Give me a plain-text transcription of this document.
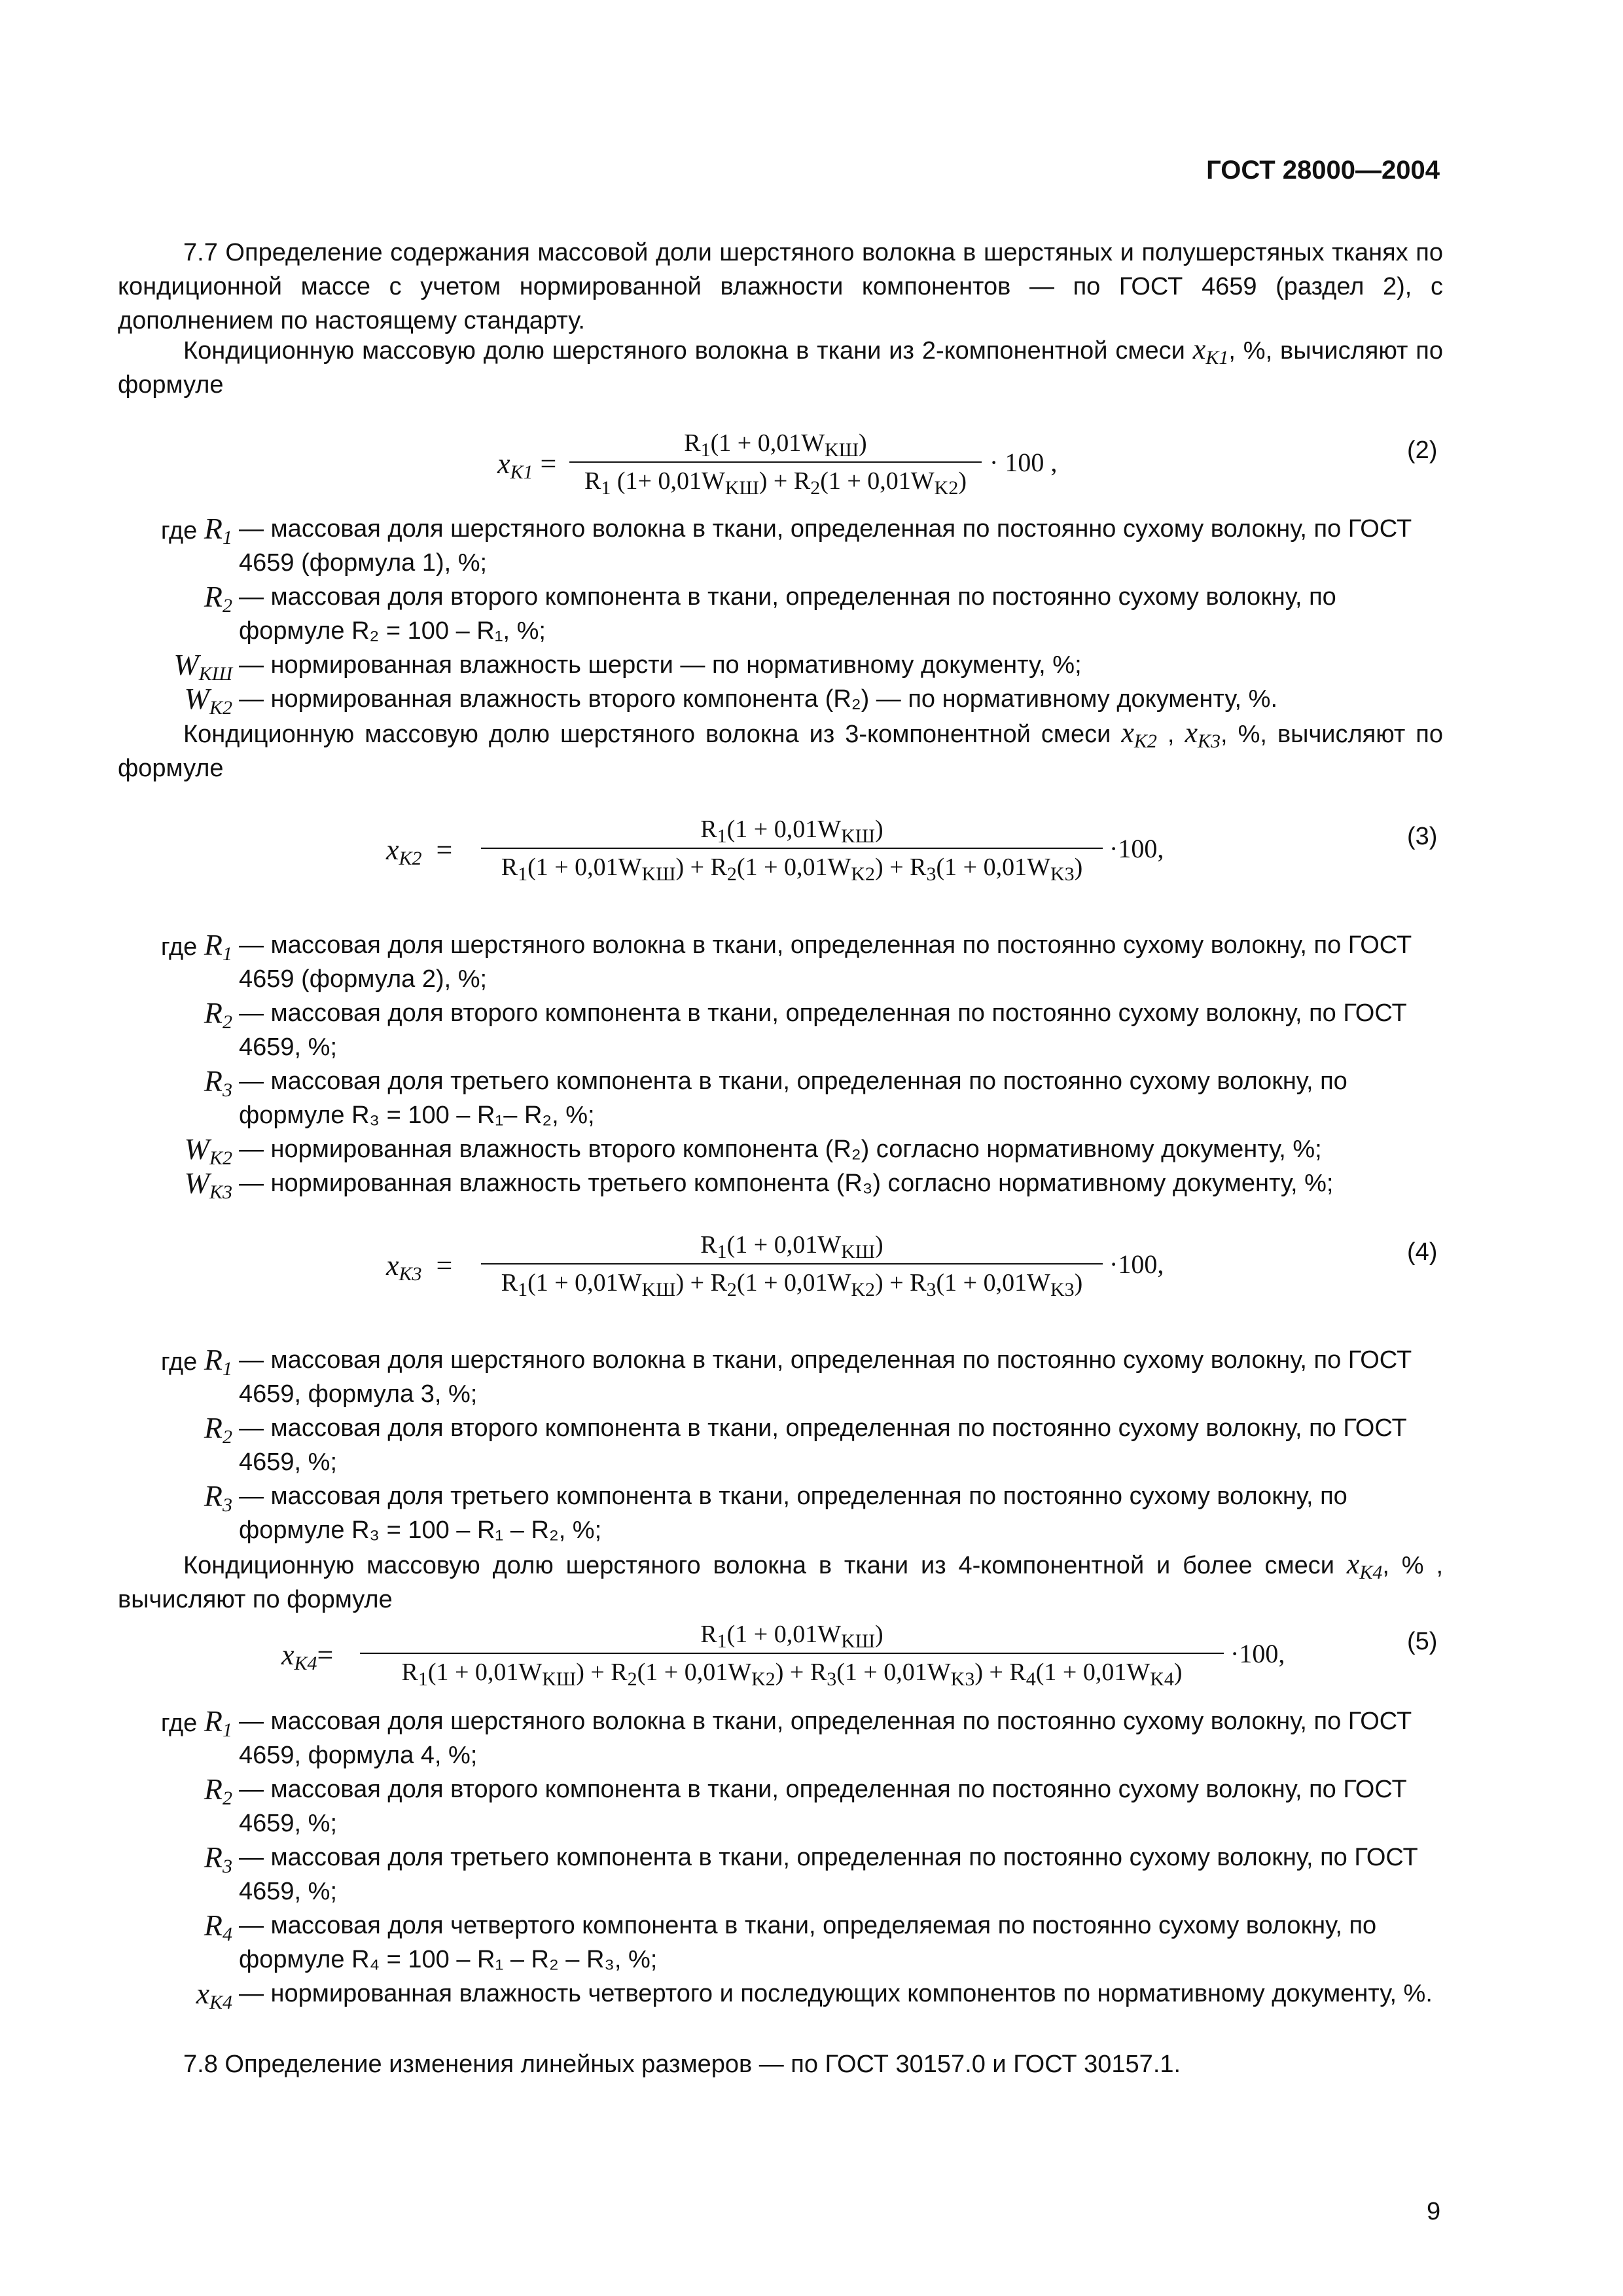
ГОСТ 28000—2004
7.7 Определение содержания массовой доли шерстяного волокна в шерстяных и полушерстяных тканях по кондиционной массе с учетом нормированной влажности компонентов — по ГОСТ 4659 (раздел 2), с дополнением по настоящему стандарту.
Кондиционную массовую долю шерстяного волокна в ткани из 2-компонентной смеси $x_{K1}$, %, вычисляют по формуле
$x_{K1}$ =
$R_1(1 + 0,01W_{KШ})$
$R_1$ $(1+ 0,01W_{KШ}) + R_2(1 + 0,01W_{K2})$
· 100 ,	(2)
где $R_1$ — массовая доля шерстяного волокна в ткани, определенная по постоянно сухому волокну, по ГОСТ 4659 (формула 1), %;
$R_2$ — массовая доля второго компонента в ткани, определенная по постоянно сухому волокну, по формуле R₂ = 100 – R₁, %;
$W_{KШ}$ — нормированная влажность шерсти — по нормативному документу, %;
$W_{K2}$ — нормированная влажность второго компонента (R₂) — по нормативному документу, %.
Кондиционную массовую долю шерстяного волокна из 3-компонентной смеси $x_{K2}$ , $x_{K3}$, %, вычисляют по формуле
$x_{K2}$ =
$R_1(1 + 0,01W_{KШ})$
$R_1(1 + 0,01W_{KШ}) + R_2(1 + 0,01W_{K2}) + R_3(1 + 0,01W_{K3})$
·100,	(3)
где $R_1$ — массовая доля шерстяного волокна в ткани, определенная по постоянно сухому волокну, по ГОСТ 4659 (формула 2), %;
$R_2$ — массовая доля второго компонента в ткани, определенная по постоянно сухому волокну, по ГОСТ 4659, %;
$R_3$ — массовая доля третьего компонента в ткани, определенная по постоянно сухому волокну, по формуле R₃ = 100 – R₁– R₂, %;
$W_{K2}$ — нормированная влажность второго компонента (R₂) согласно нормативному документу, %;
$W_{K3}$ — нормированная влажность третьего компонента (R₃) согласно нормативному документу, %;
$x_{K3}$ =
$R_1(1 + 0,01W_{KШ})$
$R_1(1 + 0,01W_{KШ}) + R_2(1 + 0,01W_{K2}) + R_3(1 + 0,01W_{K3})$
·100,	(4)
где $R_1$ — массовая доля шерстяного волокна в ткани, определенная по постоянно сухому волокну, по ГОСТ 4659, формула 3, %;
$R_2$ — массовая доля второго компонента в ткани, определенная по постоянно сухому волокну, по ГОСТ 4659, %;
$R_3$ — массовая доля третьего компонента в ткани, определенная по постоянно сухому волокну, по формуле R₃ = 100 – R₁ – R₂, %;
Кондиционную массовую долю шерстяного волокна в ткани из 4-компонентной и более смеси $x_{K4}$, % , вычисляют по формуле
$x_{K4}=$
$R_1(1 + 0,01W_{KШ})$
$R_1(1 + 0,01W_{KШ}) + R_2(1 + 0,01W_{K2}) + R_3(1 + 0,01W_{K3}) + R_4(1 + 0,01W_{K4})$
·100,	(5)
где $R_1$ — массовая доля шерстяного волокна в ткани, определенная по постоянно сухому волокну, по ГОСТ 4659, формула 4, %;
$R_2$ — массовая доля второго компонента в ткани, определенная по постоянно сухому волокну, по ГОСТ 4659, %;
$R_3$ — массовая доля третьего компонента в ткани, определенная по постоянно сухому волокну, по ГОСТ 4659, %;
$R_4$ — массовая доля четвертого компонента в ткани, определяемая по постоянно сухому волокну, по формуле R₄ = 100 – R₁ – R₂ – R₃, %;
$x_{K4}$ — нормированная влажность четвертого и последующих компонентов по нормативному документу, %.
7.8 Определение изменения линейных размеров — по ГОСТ 30157.0 и ГОСТ 30157.1.
9
